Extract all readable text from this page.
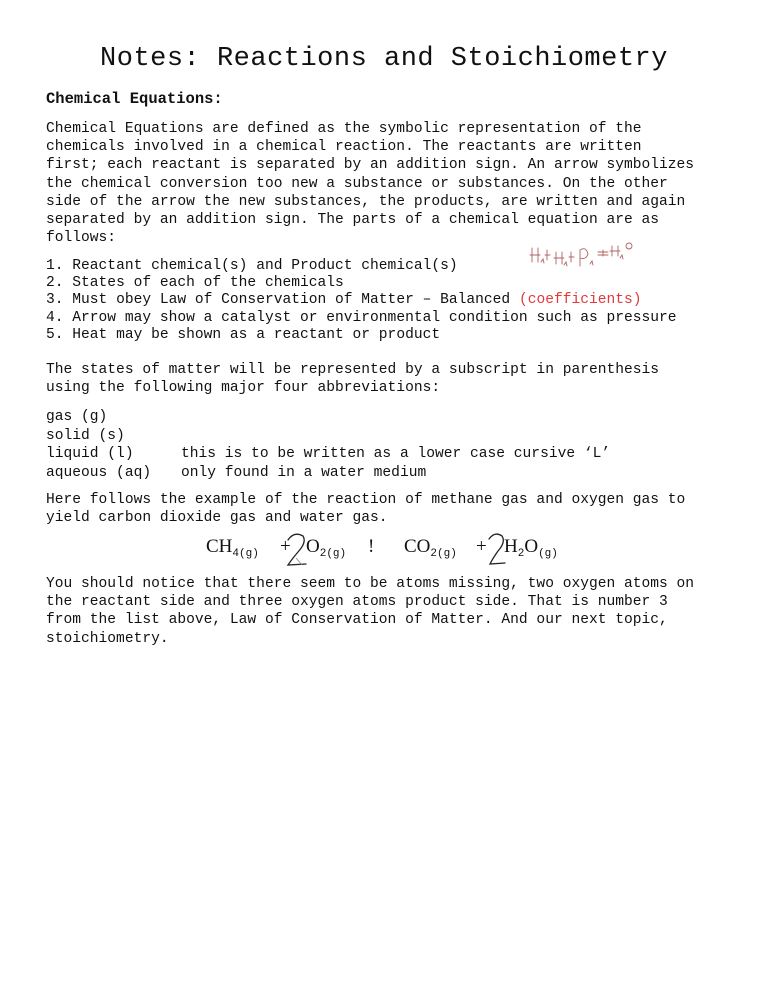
Notes: Reactions and Stoichiometry
Chemical Equations:

Chemical Equations are defined as the symbolic representation of the
chemicals involved in a chemical reaction. The reactants are written
first; each reactant is separated by an addition sign. An arrow symbolizes
the chemical conversion too new a substance or substances. On the other
side of the arrow the new substances, the products, are written and again
separated by an addition sign. The parts of a chemical equation are as
follows:

1. Reactant chemical(s) and Product chemical(s)
2. States of each of the chemicals
3. Must obey Law of Conservation of Matter – Balanced (coefficients)
4. Arrow may show a catalyst or environmental condition such as pressure
5. Heat may be shown as a reactant or product

The states of matter will be represented by a subscript in parenthesis
using the following major four abbreviations:

gas (g)
solid (s)
liquid (l)	this is to be written as a lower case cursive ‘L’
aqueous (aq) only found in a water medium

Here follows the example of the reaction of methane gas and oxygen gas to
yield carbon dioxide gas and water gas.

$CH_{4(g)} + O_{2(g)}$ ! $CO_{2(g)} + H_2O_{(g)}$

You should notice that there seem to be atoms missing, two oxygen atoms on
the reactant side and three oxygen atoms product side. That is number 3
from the list above, Law of Conservation of Matter. And our next topic,
stoichiometry.
